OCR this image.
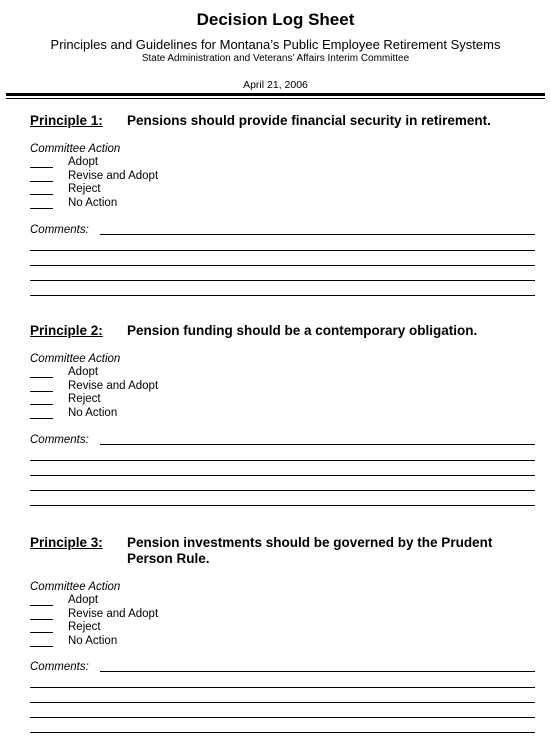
Decision Log Sheet
Principles and Guidelines for Montana’s Public Employee Retirement Systems
State Administration and Veterans’ Affairs Interim Committee
April 21, 2006
Principle 1: Pensions should provide financial security in retirement.
Committee Action
Adopt
Revise and Adopt
Reject
No Action
Comments:
Principle 2: Pension funding should be a contemporary obligation.
Committee Action
Adopt
Revise and Adopt
Reject
No Action
Comments:
Principle 3: Pension investments should be governed by the Prudent Person Rule.
Committee Action
Adopt
Revise and Adopt
Reject
No Action
Comments:
